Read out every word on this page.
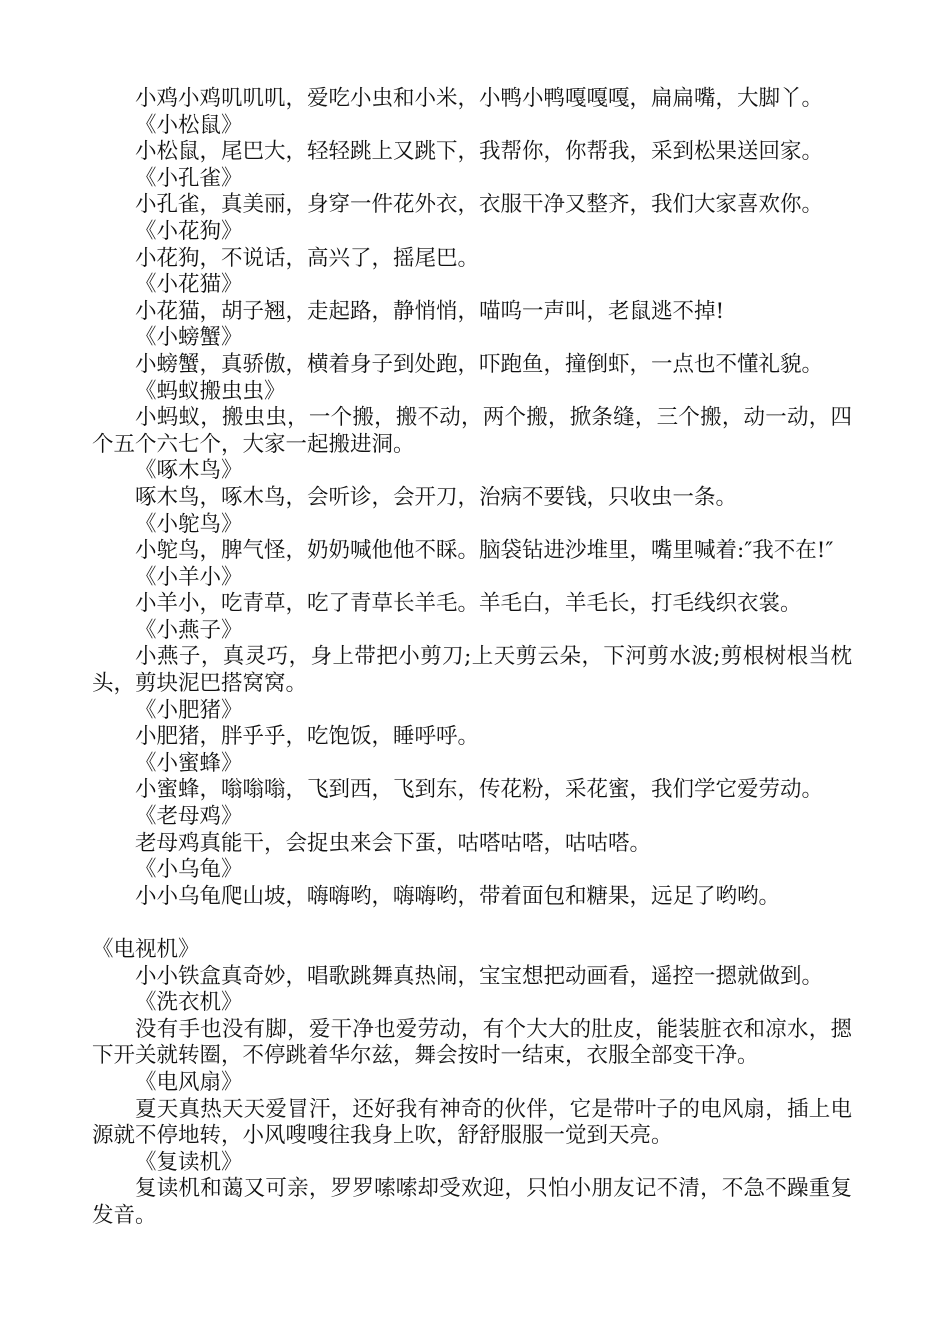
小鸡小鸡叽叽叽，爱吃小虫和小米，小鸭小鸭嘎嘎嘎，扁扁嘴，大脚丫。
《小松鼠》
小松鼠，尾巴大，轻轻跳上又跳下，我帮你，你帮我，采到松果送回家。
《小孔雀》
小孔雀，真美丽，身穿一件花外衣，衣服干净又整齐，我们大家喜欢你。
《小花狗》
小花狗，不说话，高兴了，摇尾巴。
《小花猫》
小花猫，胡子翘，走起路，静悄悄，喵呜一声叫，老鼠逃不掉!
《小螃蟹》
小螃蟹，真骄傲，横着身子到处跑，吓跑鱼，撞倒虾，一点也不懂礼貌。
《蚂蚁搬虫虫》
小蚂蚁，搬虫虫，一个搬，搬不动，两个搬，掀条缝，三个搬，动一动，四个五个六七个，大家一起搬进洞。
《啄木鸟》
啄木鸟，啄木鸟，会听诊，会开刀，治病不要钱，只收虫一条。
《小鸵鸟》
小鸵鸟，脾气怪，奶奶喊他他不睬。脑袋钻进沙堆里，嘴里喊着:″我不在!″
《小羊小》
小羊小，吃青草，吃了青草长羊毛。羊毛白，羊毛长，打毛线织衣裳。
《小燕子》
小燕子，真灵巧，身上带把小剪刀;上天剪云朵，下河剪水波;剪根树根当枕头，剪块泥巴搭窝窝。
《小肥猪》
小肥猪，胖乎乎，吃饱饭，睡呼呼。
《小蜜蜂》
小蜜蜂，嗡嗡嗡，飞到西，飞到东，传花粉，采花蜜，我们学它爱劳动。
《老母鸡》
老母鸡真能干，会捉虫来会下蛋，咕嗒咕嗒，咕咕嗒。
《小乌龟》
小小乌龟爬山坡，嗨嗨哟，嗨嗨哟，带着面包和糖果，远足了哟哟。
《电视机》
小小铁盒真奇妙，唱歌跳舞真热闹，宝宝想把动画看，遥控一摁就做到。
《洗衣机》
没有手也没有脚，爱干净也爱劳动，有个大大的肚皮，能装脏衣和凉水，摁下开关就转圈，不停跳着华尔兹，舞会按时一结束，衣服全部变干净。
《电风扇》
夏天真热天天爱冒汗，还好我有神奇的伙伴，它是带叶子的电风扇，插上电源就不停地转，小风嗖嗖往我身上吹，舒舒服服一觉到天亮。
《复读机》
复读机和蔼又可亲，罗罗嗦嗦却受欢迎，只怕小朋友记不清，不急不躁重复发音。
